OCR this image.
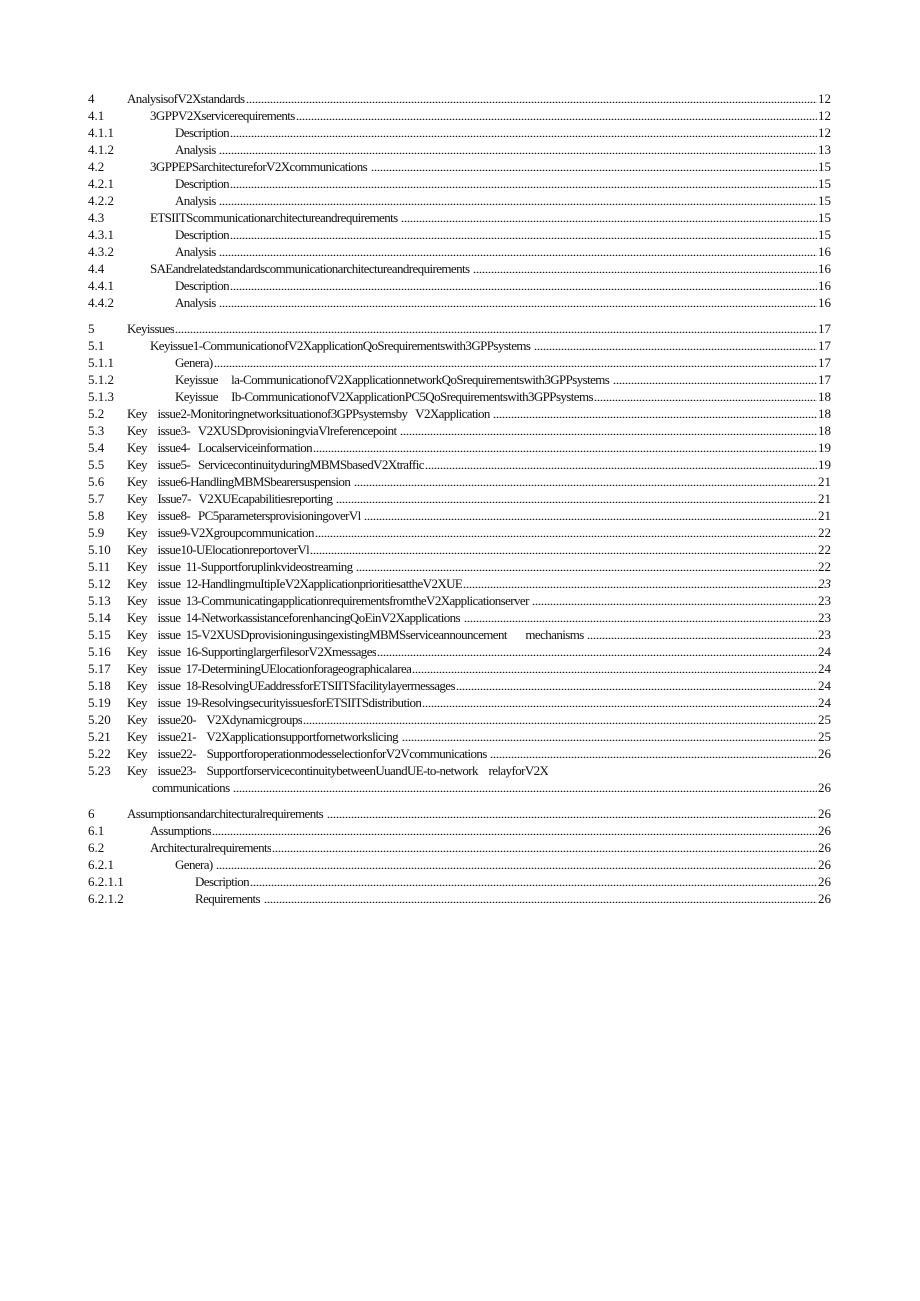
4	AnalysisofV2Xstandards	12
4.1	3GPPV2Xservicerequirements	12
4.1.1	Description	12
4.1.2	Analysis	13
4.2	3GPPEPSarchitectureforV2Xcommunications	15
4.2.1	Description	15
4.2.2	Analysis	15
4.3	ETSIITScommunicationarchitectureandrequirements	15
4.3.1	Description	15
4.3.2	Analysis	16
4.4	SAEandrelatedstandardscommunicationarchitectureandrequirements	16
4.4.1	Description	16
4.4.2	Analysis	16
5	Keyissues	17
5.1	Keyissue1-CommunicationofV2XapplicationQoSrequirementswith3GPPsystems	17
5.1.1	Genera)	17
5.1.2	Keyissue     la-CommunicationofV2XapplicationnetworkQoSrequirementswith3GPPsystems	17
5.1.3	Keyissue     Ib-CommunicationofV2XapplicationPC5QoSrequirementswith3GPPsystems	18
5.2 Key    issue2-Monitoringnetworksituationof3GPPsystemsby   V2Xapplication	18
5.3 Key    issue3-   V2XUSDprovisioningviaVlreferencepoint	18
5.4 Key    issue4-   Localserviceinformation	19
5.5 Key    issue5-   ServicecontinuityduringMBMSbasedV2Xtraffic	19
5.6 Key    issue6-HandlingMBMSbearersuspension	21
5.7 Key    Issue7-   V2XUEcapabilitiesreporting	21
5.8 Key    issue8-   PC5parametersprovisioningoverVl	21
5.9 Key    issue9-V2Xgroupcommunication	22
5.10 Key    issue10-UElocationreportoverVl	22
5.11 Key    issue  11-Supportforuplinkvideostreaming	22
5.12 Key    issue  12-HandlingmuItipIeV2XapplicationprioritiesattheV2XUE	23
5.13 Key    issue  13-CommunicatingapplicationrequirementsfromtheV2Xapplicationserver	23
5.14 Key    issue  14-NetworkassistanceforenhancingQoEinV2Xapplications	23
5.15 Key    issue  15-V2XUSDprovisioningusingexistingMBMSserviceannouncement       mechanisms	23
5.16 Key    issue  16-SupportinglargerfilesorV2Xmessages	24
5.17 Key    issue  17-DeterminingUElocationforageographicalarea	24
5.18 Key    issue  18-ResolvingUEaddressforETSIITSfacilitylayermessages	24
5.19 Key    issue  19-ResolvingsecurityissuesforETSIITSdistribution	24
5.20 Key    issue20-    V2Xdynamicgroups	25
5.21 Key    issue21-    V2Xapplicationsupportfornetworkslicing	25
5.22 Key    issue22-    SupportforoperationmodesselectionforV2Vcommunications	26
5.23 Key    issue23-    SupportforservicecontinuitybetweenUuandUE-to-network    relayforV2X
communications	26
6	Assumptionsandarchitecturalrequirements	26
6.1	Assumptions	26
6.2	Architecturalrequirements	26
6.2.1	Genera)	26
6.2.1.1	Description	26
6.2.1.2	Requirements	26
